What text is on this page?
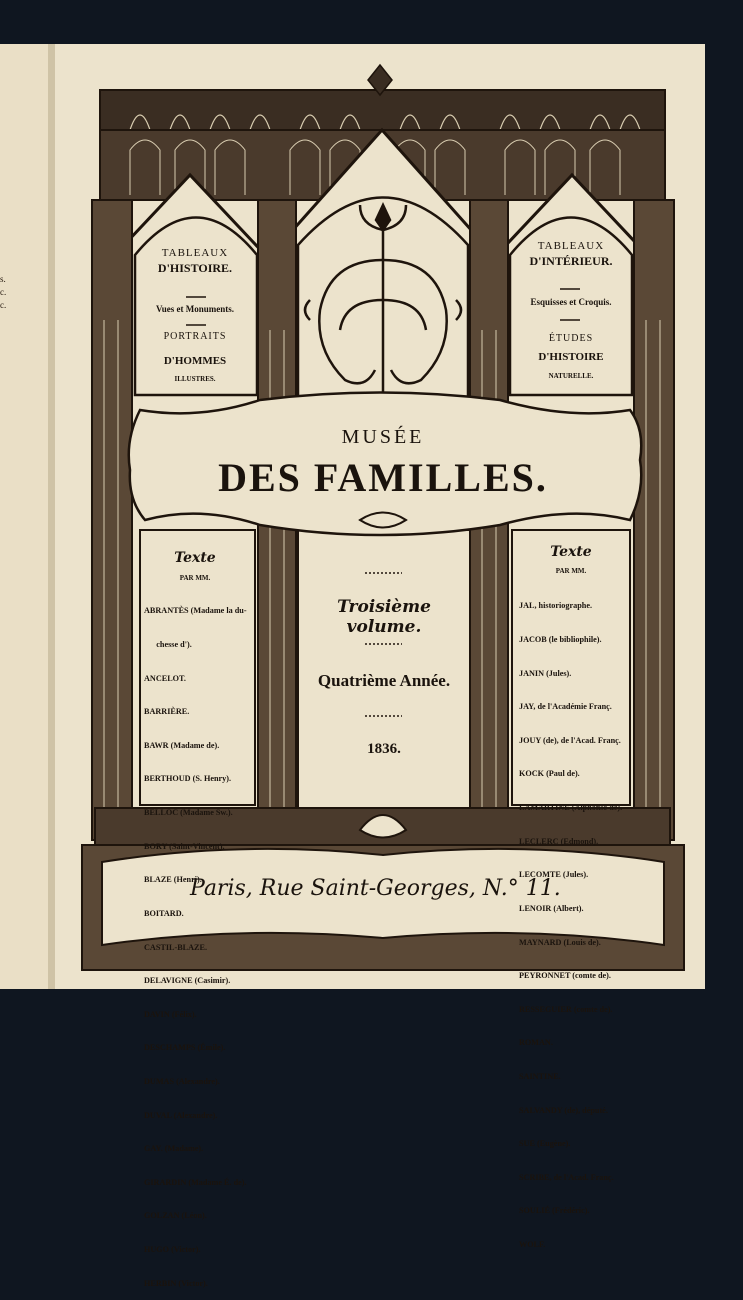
s.
c.
c.
TABLEAUX
D'HISTOIRE.
Vues et Monuments.
PORTRAITS
D'HOMMES
ILLUSTRES.
TABLEAUX
D'INTÉRIEUR.
Esquisses et Croquis.
ÉTUDES
D'HISTOIRE
NATURELLE.
MUSÉE
DES FAMILLES.
Texte
PAR MM.
Texte
PAR MM.

ABRANTÈS (Madame la du-

chesse d').

ANCELOT.

BARRIÈRE.

BAWR (Madame de).

BERTHOUD (S. Henry).

BELLOC (Madame Sw.).

BORY (Saint-Vincent).

BLAZE (Henri).

BOITARD.

CASTIL-BLAZE.

DELAVIGNE (Casimir).

DAVIN (Félix).

DESCHAMPS (Émile).

DUMAS (Alexandre).

DUVAL (Alexandre).

GAY. (Madame).

GIRARDIN (Madame É. de).

GOLZAN (Léon).

HUGO (Victor).

HERBIN (Victor).

JAL, historiographe.

JACOB (le bibliophile).

JANIN (Jules).

JAY, de l'Académie Franç.

JOUY (de), de l'Acad. Franç.

KOCK (Paul de).

LAMARTINE (Alphonse de).

LECLERC (Edmond).

LECOMTE (Jules).

LENOIR (Albert).

MAYNARD (Louis de).

PEYRONNET (comte de).

RESSEGUIER (comte de).

ROMAN.

SAINTINE.

SALVANDY (de), député.

SUE (Eugène).

SCRIBE, de l'Acad. Franç.

SOULIÉ (Frédéric).

WOLF.

Troisième volume.
Quatrième Année.
1836.
Paris, Rue Saint-Georges, N.° 11.
